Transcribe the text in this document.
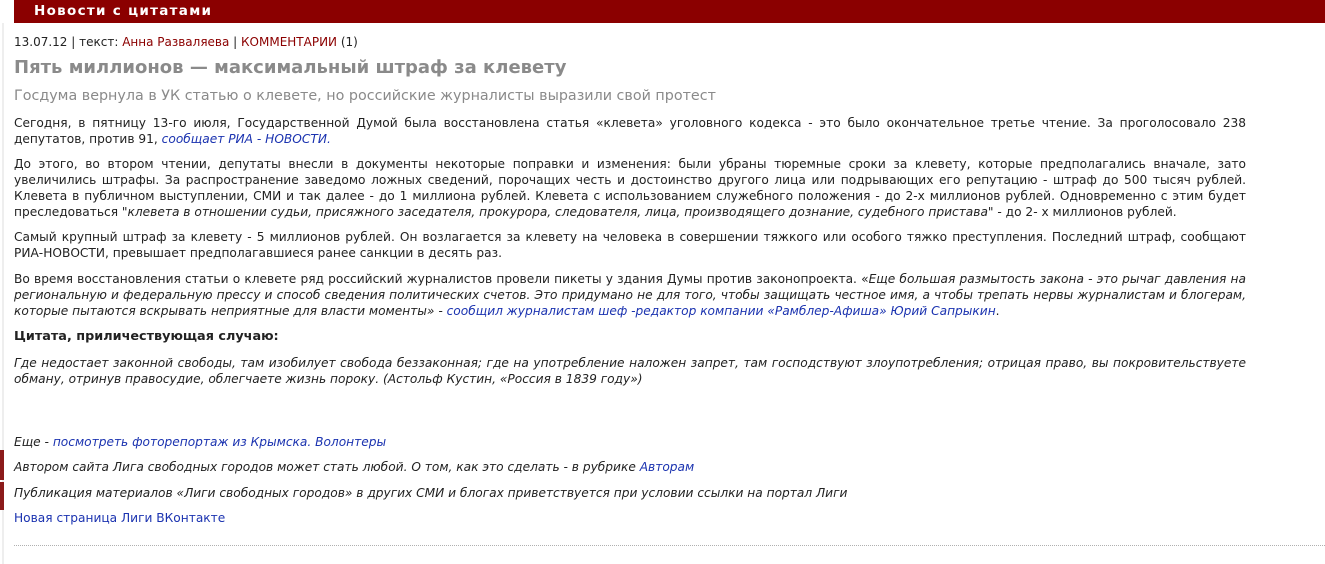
Новости с цитатами
13.07.12 | текст: Анна Разваляева | КОММЕНТАРИИ (1)
Пять миллионов — максимальный штраф за клевету
Госдума вернула в УК статью о клевете, но российские журналисты выразили свой протест

Сегодня, в пятницу 13-го июля, Государственной Думой была восстановлена статья «клевета» уголовного кодекса - это было окончательное третье чтение. За проголосовало 238 депутатов, против 91, сообщает РИА - НОВОСТИ.

До этого, во втором чтении, депутаты внесли в документы некоторые поправки и изменения: были убраны тюремные сроки за клевету, которые предполагались вначале, зато увеличились штрафы. За распространение заведомо ложных сведений, порочащих честь и достоинство другого лица или подрывающих его репутацию - штраф до 500 тысяч рублей. Клевета в публичном выступлении, СМИ и так далее - до 1 миллиона рублей. Клевета с использованием служебного положения - до 2-х миллионов рублей. Одновременно с этим будет преследоваться "клевета в отношении судьи, присяжного заседателя, прокурора, следователя, лица, производящего дознание, судебного пристава" - до 2- х миллионов рублей.

Самый крупный штраф за клевету - 5 миллионов рублей. Он возлагается за клевету на человека в совершении тяжкого или особого тяжко преступления. Последний штраф, сообщают РИА-НОВОСТИ, превышает предполагавшиеся ранее санкции в десять раз.

Во время восстановления статьи о клевете ряд российский журналистов провели пикеты у здания Думы против законопроекта. «Еще большая размытость закона - это рычаг давления на региональную и федеральную прессу и способ сведения политических счетов. Это придумано не для того, чтобы защищать честное имя, а чтобы трепать нервы журналистам и блогерам, которые пытаются вскрывать неприятные для власти моменты» - сообщил журналистам шеф -редактор компании «Рамблер-Афиша» Юрий Сапрыкин.

Цитата, приличествующая случаю:

Где недостает законной свободы, там изобилует свобода беззаконная; где на употребление наложен запрет, там господствуют злоупотребления; отрицая право, вы покровительствуете обману, отринув правосудие, облегчаете жизнь пороку. (Астольф Кустин, «Россия в 1839 году»)

Еще - посмотреть фоторепортаж из Крымска. Волонтеры

Автором сайта Лига свободных городов может стать любой. О том, как это сделать - в рубрике Авторам

Публикация материалов «Лиги свободных городов» в других СМИ и блогах приветствуется при условии ссылки на портал Лиги

Новая страница Лиги ВКонтакте
